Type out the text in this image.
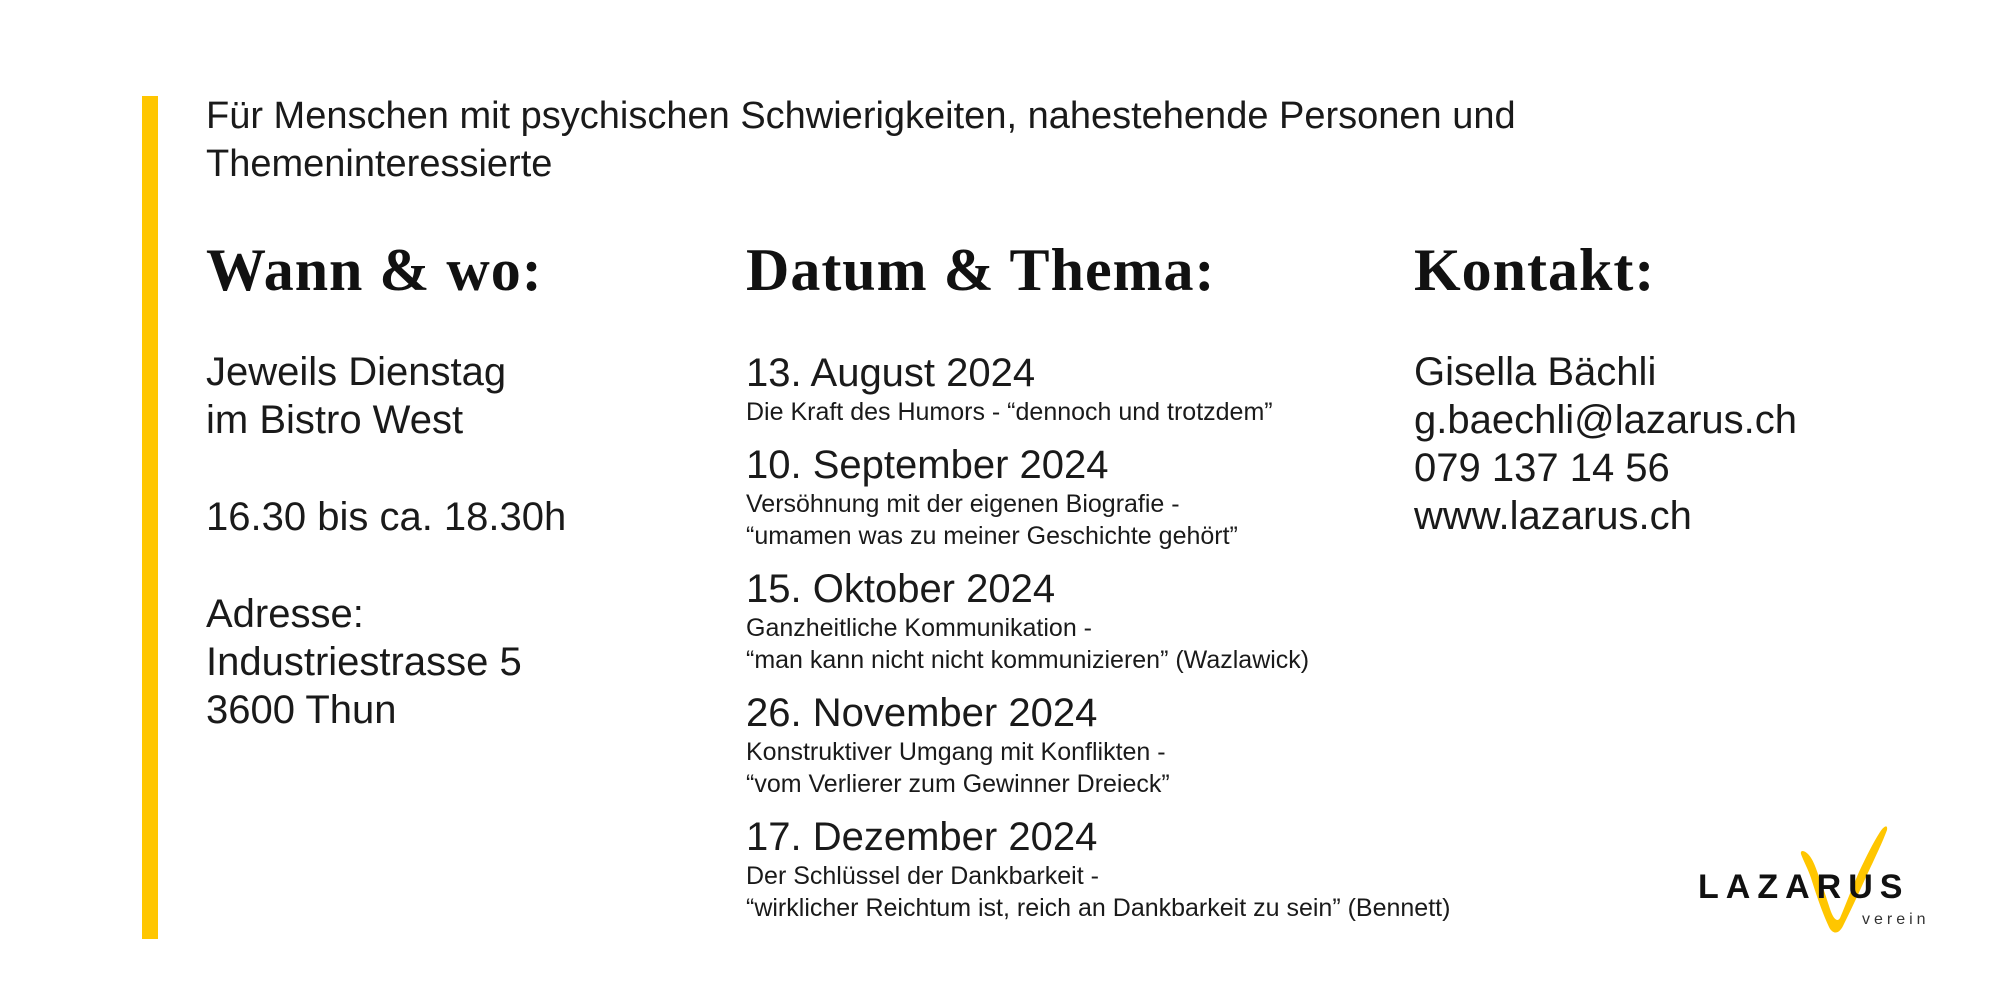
Für Menschen mit psychischen Schwierigkeiten, nahestehende Personen und
Themeninteressierte

Wann & wo:

Jeweils Dienstag
im Bistro West

16.30 bis ca. 18.30h

Adresse:
Industriestrasse 5
3600 Thun

Datum & Thema:
13. August 2024
Die Kraft des Humors - “dennoch und trotzdem”
10. September 2024
Versöhnung mit der eigenen Biografie -
“umamen was zu meiner Geschichte gehört”
15. Oktober 2024
Ganzheitliche Kommunikation -
“man kann nicht nicht kommunizieren” (Wazlawick)
26. November 2024
Konstruktiver Umgang mit Konflikten -
“vom Verlierer zum Gewinner Dreieck”
17. Dezember 2024
Der Schlüssel der Dankbarkeit -
“wirklicher Reichtum ist, reich an Dankbarkeit zu sein” (Bennett)
Kontakt:

Gisella Bächli
g.baechli@lazarus.ch
079 137 14 56
www.lazarus.ch

LAZARUS
verein
